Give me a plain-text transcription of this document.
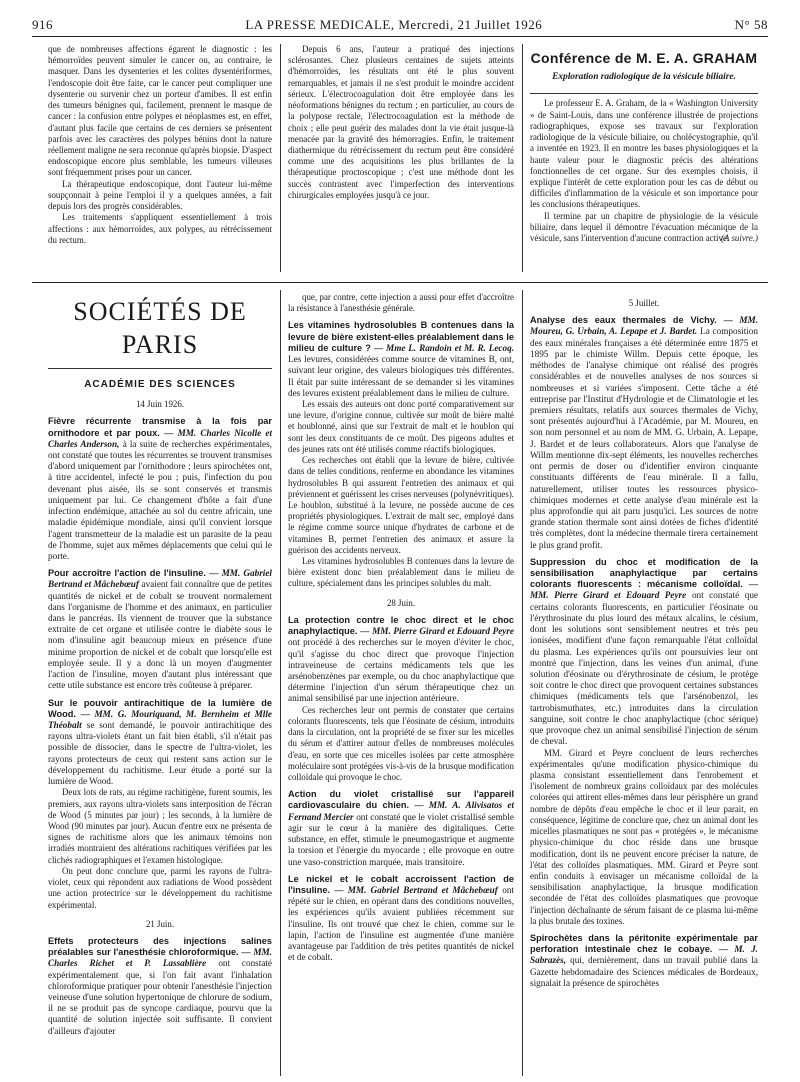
916	LA PRESSE MEDICALE, Mercredi, 21 Juillet 1926	N° 58

que de nombreuses affections égarent le diagnostic : les hémorroïdes peuvent simuler le cancer ou, au contraire, le masquer. Dans les dysenteries et les colites dysentériformes, l'endoscopie doit être faite, car le cancer peut compliquer une dysenterie ou survenir chez un porteur d'amibes. Il est enfin des tumeurs bénignes qui, facilement, prennent le masque de cancer : la confusion entre polypes et néoplasmes est, en effet, d'autant plus facile que certains de ces derniers se présentent parfois avec les caractères des polypes bénins dont la nature réellement maligne ne sera reconnue qu'après biopsie. D'aspect endoscopique encore plus semblable, les tumeurs villeuses sont fréquemment prises pour un cancer.

La thérapeutique endoscopique, dont l'auteur lui-même soupçonnait à peine l'emploi il y a quelques années, a fait depuis lors des progrès considérables.

Les traitements s'appliquent essentiellement à trois affections : aux hémorroïdes, aux polypes, au rétrécissement du rectum.

Depuis 6 ans, l'auteur a pratiqué des injections sclérosantes. Chez plusieurs centaines de sujets atteints d'hémorroïdes, les résultats ont été le plus souvent remarquables, et jamais il ne s'est produit le moindre accident sérieux. L'électrocoagulation doit être employée dans les néoformations bénignes du rectum ; en particulier, au cours de la polypose rectale, l'électrocoagulation est la méthode de choix ; elle peut guérir des malades dont la vie était jusque-là menacée par la gravité des hémorragies. Enfin, le traitement diathermique du rétrécissement du rectum peut être considéré comme une des acquisitions les plus brillantes de la thérapeutique proctoscopique ; c'est une méthode dont les succès contrastent avec l'imperfection des interventions chirurgicales employées jusqu'à ce jour.

Conférence de M. E. A. GRAHAM
Exploration radiologique de la vésicule biliaire.

Le professeur E. A. Graham, de la « Washington University » de Saint-Louis, dans une conférence illustrée de projections radiographiques, expose ses travaux sur l'exploration radiologique de la vésicule biliaire, ou cholécystographie, qu'il a inventée en 1923. Il en montre les bases physiologiques et la haute valeur pour le diagnostic précis des altérations fonctionnelles de cet organe. Sur des exemples choisis, il explique l'intérêt de cette exploration pour les cas de début ou difficiles d'inflammation de la vésicule et son importance pour les conclusions thérapeutiques.

Il termine par un chapitre de physiologie de la vésicule biliaire, dans lequel il démontre l'évacuation mécanique de la vésicule, sans l'intervention d'aucune contraction active.

(A suivre.)
SOCIÉTÉS DE PARIS
ACADÉMIE DES SCIENCES

14 Juin 1926.

Fièvre récurrente transmise à la fois par ornithodore et par poux. — MM. Charles Nicolle et Charles Anderson, à la suite de recherches expérimentales, ont constaté que toutes les récurrentes se trouvent transmises d'abord uniquement par l'ornithodore ; leurs spirochètes ont, à titre accidentel, infecté le pou ; puis, l'infection du pou devenant plus aisée, ils se sont conservés et transmis uniquement par lui. Ce changement d'hôte a fait d'une infection endémique, attachée au sol du centre africain, une maladie épidémique mondiale, ainsi qu'il convient lorsque l'agent transmetteur de la maladie est un parasite de la peau de l'homme, sujet aux mêmes déplacements que celui qui le porte.
Pour accroître l'action de l'insuline. — MM. Gabriel Bertrand et Mâchebœuf avaient fait connaître que de petites quantités de nickel et de cobalt se trouvent normalement dans l'organisme de l'homme et des animaux, en particulier dans le pancréas. Ils viennent de trouver que la substance extraite de cet organe et utilisée contre le diabète sous le nom d'insuline agit beaucoup mieux en présence d'une minime proportion de nickel et de cobalt que lorsqu'elle est employée seule. Il y a donc là un moyen d'augmenter l'action de l'insuline, moyen d'autant plus intéressant que cette utile substance est encore très coûteuse à préparer.
Sur le pouvoir antirachitique de la lumière de Wood. — MM. G. Mouriquand, M. Bernheim et Mlle Théobalt se sont demandé, le pouvoir antirachitique des rayons ultra-violets étant un fait bien établi, s'il n'était pas possible de dissocier, dans le spectre de l'ultra-violet, les rayons protecteurs de ceux qui restent sans action sur le développement du rachitisme. Leur étude a porté sur la lumière de Wood.

Deux lots de rats, au régime rachitigène, furent soumis, les premiers, aux rayons ultra-violets sans interposition de l'écran de Wood (5 minutes par jour) ; les seconds, à la lumière de Wood (90 minutes par jour). Aucun d'entre eux ne présenta de signes de rachitisme alors que les animaux témoins non irradiés montraient des altérations rachitiques vérifiées par les clichés radiographiques et l'examen histologique.

On peut donc conclure que, parmi les rayons de l'ultra-violet, ceux qui répondent aux radiations de Wood possèdent une action protectrice sur le développement du rachitisme expérimental.

21 Juin.

Effets protecteurs des injections salines préalables sur l'anesthésie chloroformique. — MM. Charles Richet et P. Lassablière ont constaté expérimentalement que, si l'on fait avant l'inhalation chloroformique pratiquer pour obtenir l'anesthésie l'injection veineuse d'une solution hypertonique de chlorure de sodium, il ne se produit pas de syncope cardiaque, pourvu que la quantité de solution injectée soit suffisante. Il convient d'ailleurs d'ajouter

que, par contre, cette injection a aussi pour effet d'accroître la résistance à l'anesthésie générale.

Les vitamines hydrosolubles B contenues dans la levure de bière existent-elles préalablement dans le milieu de culture ? — Mme L. Randoin et M. R. Lecoq. Les levures, considérées comme source de vitamines B, ont, suivant leur origine, des valeurs biologiques très différentes. Il était par suite intéressant de se demander si les vitamines des levures existent préalablement dans le milieu de culture.

Les essais des auteurs ont donc porté comparativement sur une levure, d'origine connue, cultivée sur moût de bière malté et houblonné, ainsi que sur l'extrait de malt et le houblon qui sont les deux constituants de ce moût. Des pigeons adultes et des jeunes rats ont été utilisés comme réactifs biologiques.

Ces recherches ont établi que la levure de bière, cultivée dans de telles conditions, renferme en abondance les vitamines hydrosolubles B qui assurent l'entretien des animaux et qui préviennent et guérissent les crises nerveuses (polynévritiques). Le houblon, substitué à la levure, ne possède aucune de ces propriétés physiologiques. L'extrait de malt sec, employé dans le régime comme source unique d'hydrates de carbone et de vitamines B, permet l'entretien des animaux et assure la guérison des accidents nerveux.

Les vitamines hydrosolubles B contenues dans la levure de bière existent donc bien préalablement dans le milieu de culture, spécialement dans les principes solubles du malt.

28 Juin.

La protection contre le choc direct et le choc anaphylactique. — MM. Pierre Girard et Edouard Peyre ont procédé à des recherches sur le moyen d'éviter le choc, qu'il s'agisse du choc direct que provoque l'injection intraveineuse de certains médicaments tels que les arsénobenzènes par exemple, ou du choc anaphylactique que détermine l'injection d'un sérum thérapeutique chez un animal sensibilisé par une injection antérieure.

Ces recherches leur ont permis de constater que certains colorants fluorescents, tels que l'éosinate de césium, introduits dans la circulation, ont la propriété de se fixer sur les micelles du sérum et d'attirer autour d'elles de nombreuses molécules d'eau, en sorte que ces micelles isolées par cette atmosphère moléculaire sont protégées vis-à-vis de la brusque modification colloïdale qui provoque le choc.

Action du violet cristallisé sur l'appareil cardiovasculaire du chien. — MM. A. Alivisatos et Fernand Mercier ont constaté que le violet cristallisé semble agir sur le cœur à la manière des digitaliques. Cette substance, en effet, stimule le pneumogastrique et augmente la torsion et l'énergie du myocarde ; elle provoque en outre une vaso-constriction marquée, mais transitoire.
Le nickel et le cobalt accroissent l'action de l'insuline. — MM. Gabriel Bertrand et Mâchebœuf ont répété sur le chien, en opérant dans des conditions nouvelles, les expériences qu'ils avaient publiées récemment sur l'insuline. Ils ont trouvé que chez le chien, comme sur le lapin, l'action de l'insuline est augmentée d'une manière avantageuse par l'addition de très petites quantités de nickel et de cobalt.

5 Juillet.

Analyse des eaux thermales de Vichy. — MM. Moureu, G. Urbain, A. Lepape et J. Bardet. La composition des eaux minérales françaises a été déterminée entre 1875 et 1895 par le chimiste Willm. Depuis cette époque, les méthodes de l'analyse chimique ont réalisé des progrès considérables et de nouvelles analyses de nos sources si nombreuses et si variées s'imposent. Cette tâche a été entreprise par l'Institut d'Hydrologie et de Climatologie et les premiers résultats, relatifs aux sources thermales de Vichy, sont présentés aujourd'hui à l'Académie, par M. Moureu, en son nom personnel et au nom de MM. G. Urbain, A. Lepape, J. Bardet et de leurs collaborateurs. Alors que l'analyse de Willm mentionne dix-sept éléments, les nouvelles recherches ont permis de doser ou d'identifier environ cinquante constituants différents de l'eau minérale. Il a fallu, naturellement, utiliser toutes les ressources physico-chimiques modernes et cette analyse d'eau minérale est la plus approfondie qui ait paru jusqu'ici. Les sources de notre grande station thermale sont ainsi dotées de fiches d'identité très complètes, dont la médecine thermale tirera certainement le plus grand profit.
Suppression du choc et modification de la sensibilisation anaphylactique par certains colorants fluorescents : mécanisme colloïdal. — MM. Pierre Girard et Edouard Peyre ont constaté que certains colorants fluorescents, en particulier l'éosinate ou l'érythrosinate du plus lourd des métaux alcalins, le césium, dont les solutions sont sensiblement neutres et très peu ionisées, modifient d'une façon remarquable l'état colloïdal du plasma. Les expériences qu'ils ont poursuivies leur ont montré que l'injection, dans les veines d'un animal, d'une solution d'éosinate ou d'érythrosinate de césium, le protège soit contre le choc direct que provoquent certaines substances chimiques (médicaments tels que l'arsénobenzol, les tartrobismuthates, etc.) introduites dans la circulation sanguine, soit contre le choc anaphylactique (choc sérique) que provoque chez un animal sensibilisé l'injection de sérum de cheval.

MM. Girard et Peyre concluent de leurs recherches expérimentales qu'une modification physico-chimique du plasma consistant essentiellement dans l'enrobement et l'isolement de nombreux grains colloïdaux par des molécules colorées qui attirent elles-mêmes dans leur périsphère un grand nombre de dépôts d'eau empêche le choc et il leur parait, en conséquence, légitime de conclure que, chez un animal dont les micelles plasmatiques ne sont pas « protégées », le mécanisme physico-chimique du choc réside dans une brusque modification, dont ils ne peuvent encore préciser la nature, de l'état des colloïdes plasmatiques. MM. Girard et Peyre sont enfin conduits à envisager un mécanisme colloïdal de la sensibilisation anaphylactique, la brusque modification secondée de l'état des colloïdes plasmatiques que provoque l'injection déchaînante de sérum faisant de ce plasma lui-même la plus brutale des toxines.

Spirochètes dans la péritonite expérimentale par perforation intestinale chez le cobaye. — M. J. Sabrazès, qui, dernièrement, dans un travail publié dans la Gazette hebdomadaire des Sciences médicales de Bordeaux, signalait la présence de spirochètes
